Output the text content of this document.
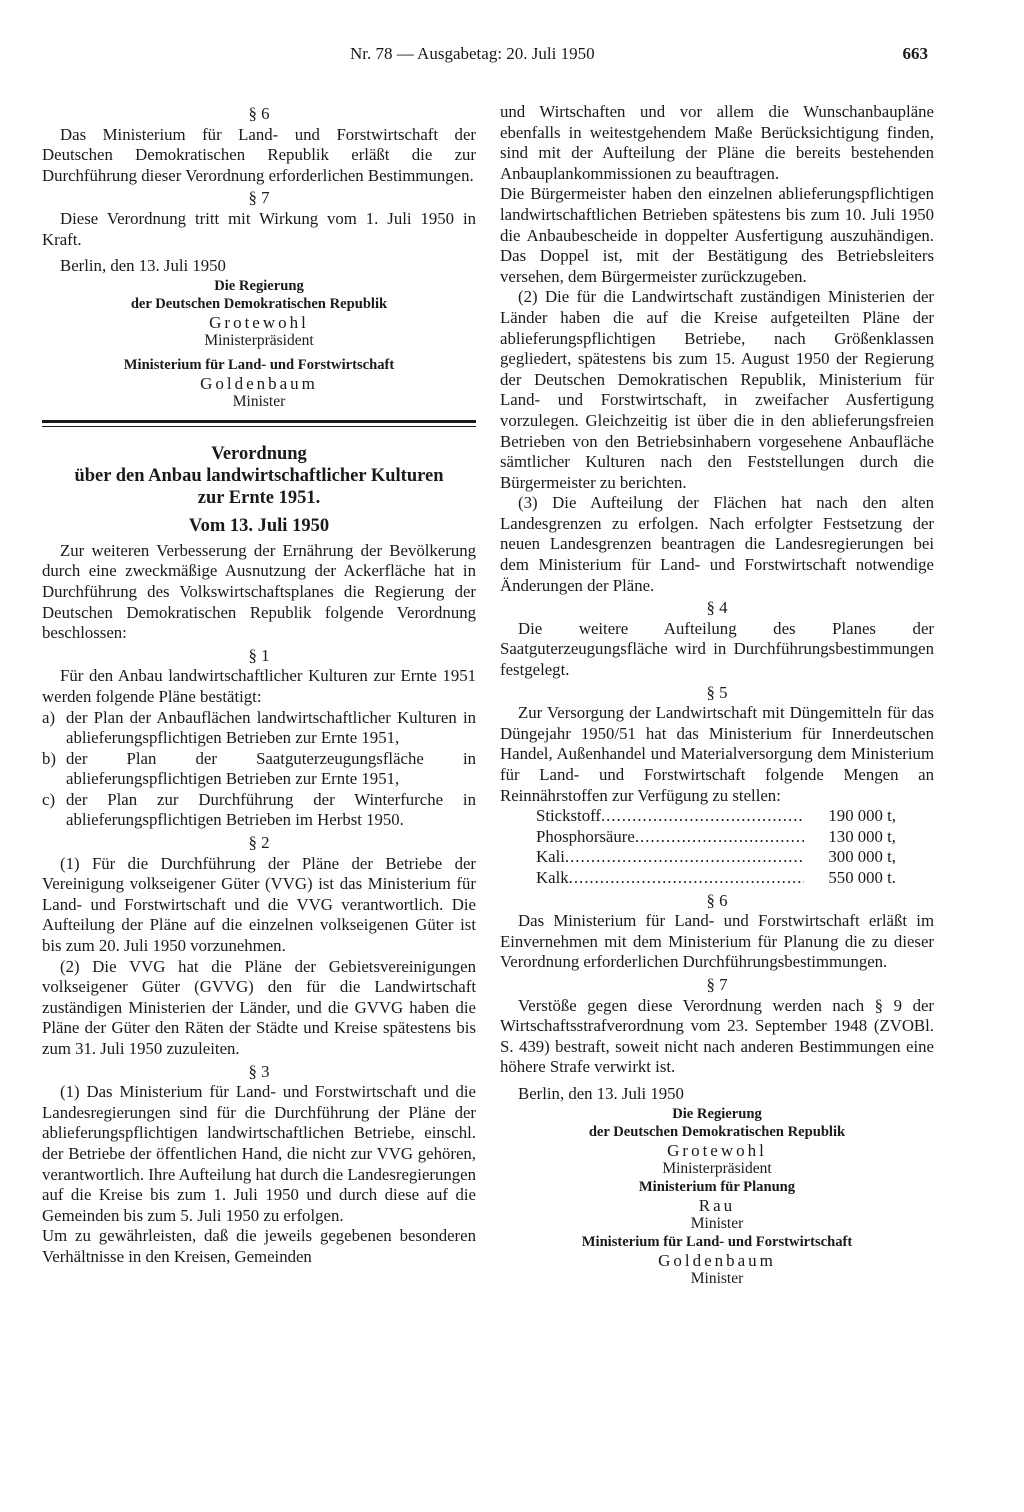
Nr. 78 — Ausgabetag: 20. Juli 1950	663
§ 6

Das Ministerium für Land- und Forstwirtschaft der Deutschen Demokratischen Republik erläßt die zur Durchführung dieser Verordnung erforderlichen Bestimmungen.

§ 7

Diese Verordnung tritt mit Wirkung vom 1. Juli 1950 in Kraft.

Berlin, den 13. Juli 1950

Die Regierung
der Deutschen Demokratischen Republik
Grotewohl
Ministerpräsident
Ministerium für Land- und Forstwirtschaft
Goldenbaum
Minister
Verordnung
über den Anbau landwirtschaftlicher Kulturen
zur Ernte 1951.
Vom 13. Juli 1950

Zur weiteren Verbesserung der Ernährung der Bevölkerung durch eine zweckmäßige Ausnutzung der Ackerfläche hat in Durchführung des Volkswirtschaftsplanes die Regierung der Deutschen Demokratischen Republik folgende Verordnung beschlossen:

§ 1

Für den Anbau landwirtschaftlicher Kulturen zur Ernte 1951 werden folgende Pläne bestätigt:

a) der Plan der Anbauflächen landwirtschaftlicher Kulturen in ablieferungspflichtigen Betrieben zur Ernte 1951,
b) der Plan der Saatguterzeugungsfläche in ablieferungspflichtigen Betrieben zur Ernte 1951,
c) der Plan zur Durchführung der Winterfurche in ablieferungspflichtigen Betrieben im Herbst 1950.
§ 2

(1) Für die Durchführung der Pläne der Betriebe der Vereinigung volkseigener Güter (VVG) ist das Ministerium für Land- und Forstwirtschaft und die VVG verantwortlich. Die Aufteilung der Pläne auf die einzelnen volkseigenen Güter ist bis zum 20. Juli 1950 vorzunehmen.

(2) Die VVG hat die Pläne der Gebietsvereinigungen volkseigener Güter (GVVG) den für die Landwirtschaft zuständigen Ministerien der Länder, und die GVVG haben die Pläne der Güter den Räten der Städte und Kreise spätestens bis zum 31. Juli 1950 zuzuleiten.

§ 3

(1) Das Ministerium für Land- und Forstwirtschaft und die Landesregierungen sind für die Durchführung der Pläne der ablieferungspflichtigen landwirtschaftlichen Betriebe, einschl. der Betriebe der öffentlichen Hand, die nicht zur VVG gehören, verantwortlich. Ihre Aufteilung hat durch die Landesregierungen auf die Kreise bis zum 1. Juli 1950 und durch diese auf die Gemeinden bis zum 5. Juli 1950 zu erfolgen.

Um zu gewährleisten, daß die jeweils gegebenen besonderen Verhältnisse in den Kreisen, Gemeinden

und Wirtschaften und vor allem die Wunschanbaupläne ebenfalls in weitestgehendem Maße Berücksichtigung finden, sind mit der Aufteilung der Pläne die bereits bestehenden Anbauplankommissionen zu beauftragen.

Die Bürgermeister haben den einzelnen ablieferungspflichtigen landwirtschaftlichen Betrieben spätestens bis zum 10. Juli 1950 die Anbaubescheide in doppelter Ausfertigung auszuhändigen. Das Doppel ist, mit der Bestätigung des Betriebsleiters versehen, dem Bürgermeister zurückzugeben.

(2) Die für die Landwirtschaft zuständigen Ministerien der Länder haben die auf die Kreise aufgeteilten Pläne der ablieferungspflichtigen Betriebe, nach Größenklassen gegliedert, spätestens bis zum 15. August 1950 der Regierung der Deutschen Demokratischen Republik, Ministerium für Land- und Forstwirtschaft, in zweifacher Ausfertigung vorzulegen. Gleichzeitig ist über die in den ablieferungsfreien Betrieben von den Betriebsinhabern vorgesehene Anbaufläche sämtlicher Kulturen nach den Feststellungen durch die Bürgermeister zu berichten.

(3) Die Aufteilung der Flächen hat nach den alten Landesgrenzen zu erfolgen. Nach erfolgter Festsetzung der neuen Landesgrenzen beantragen die Landesregierungen bei dem Ministerium für Land- und Forstwirtschaft notwendige Änderungen der Pläne.

§ 4

Die weitere Aufteilung des Planes der Saatguterzeugungsfläche wird in Durchführungsbestimmungen festgelegt.

§ 5

Zur Versorgung der Landwirtschaft mit Düngemitteln für das Düngejahr 1950/51 hat das Ministerium für Innerdeutschen Handel, Außenhandel und Materialversorgung dem Ministerium für Land- und Forstwirtschaft folgende Mengen an Reinnährstoffen zur Verfügung zu stellen:

Stickstoff .....	190 000 t,
Phosphorsäure .....	130 000 t,
Kali .....	300 000 t,
Kalk .....	550 000 t.
§ 6

Das Ministerium für Land- und Forstwirtschaft erläßt im Einvernehmen mit dem Ministerium für Planung die zu dieser Verordnung erforderlichen Durchführungsbestimmungen.

§ 7

Verstöße gegen diese Verordnung werden nach § 9 der Wirtschaftsstrafverordnung vom 23. September 1948 (ZVOBl. S. 439) bestraft, soweit nicht nach anderen Bestimmungen eine höhere Strafe verwirkt ist.

Berlin, den 13. Juli 1950

Die Regierung
der Deutschen Demokratischen Republik
Grotewohl
Ministerpräsident
Ministerium für Planung
Rau
Minister
Ministerium für Land- und Forstwirtschaft
Goldenbaum
Minister
